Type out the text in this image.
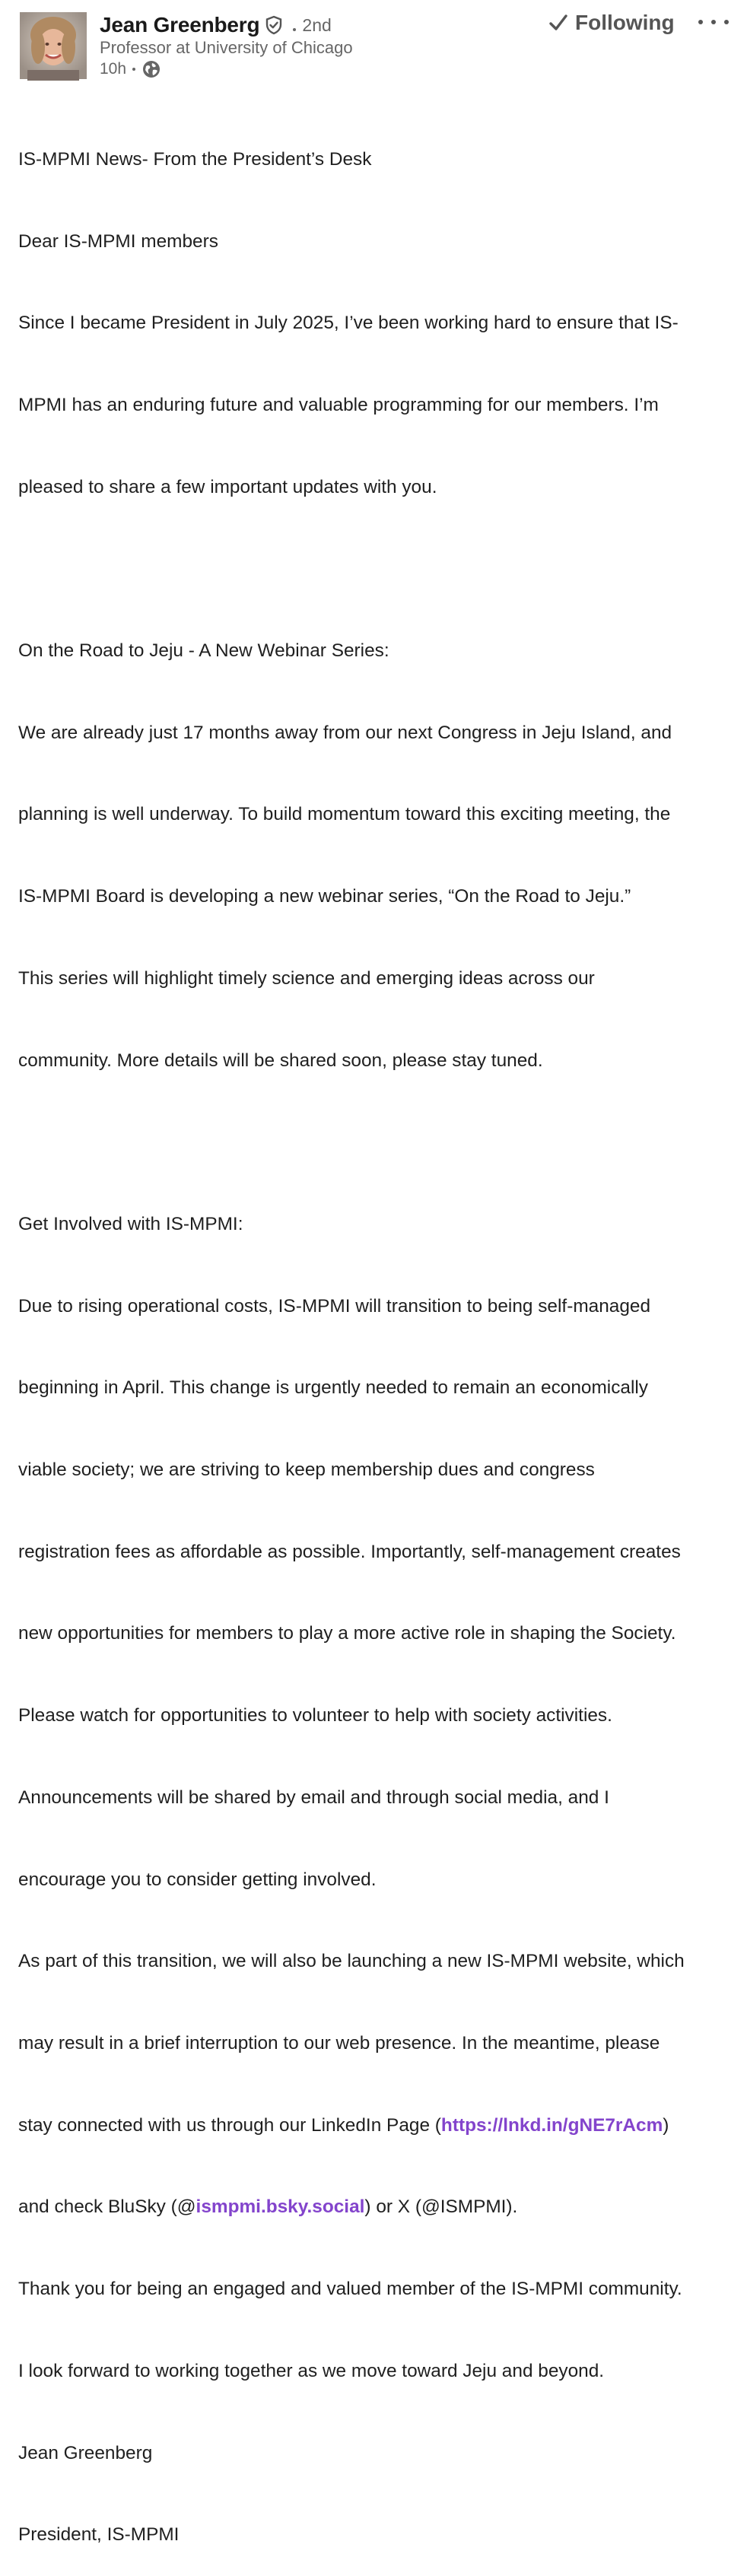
Jean Greenberg	2nd
Professor at University of Chicago
10h
Following

IS-MPMI News- From the President’s Desk

Dear IS-MPMI members

Since I became President in July 2025, I’ve been working hard to ensure that IS-

MPMI has an enduring future and valuable programming for our members. I’m

pleased to share a few important updates with you.

On the Road to Jeju - A New Webinar Series:

We are already just 17 months away from our next Congress in Jeju Island, and

planning is well underway. To build momentum toward this exciting meeting, the

IS-MPMI Board is developing a new webinar series, “On the Road to Jeju.”

This series will highlight timely science and emerging ideas across our

community. More details will be shared soon, please stay tuned.

Get Involved with IS-MPMI:

Due to rising operational costs, IS-MPMI will transition to being self-managed

beginning in April. This change is urgently needed to remain an economically

viable society; we are striving to keep membership dues and congress

registration fees as affordable as possible. Importantly, self-management creates

new opportunities for members to play a more active role in shaping the Society.

Please watch for opportunities to volunteer to help with society activities.

Announcements will be shared by email and through social media, and I

encourage you to consider getting involved.

As part of this transition, we will also be launching a new IS-MPMI website, which

may result in a brief interruption to our web presence. In the meantime, please

stay connected with us through our LinkedIn Page (https://lnkd.in/gNE7rAcm)

and check BluSky (@ismpmi.bsky.social) or X (@ISMPMI).

Thank you for being an engaged and valued member of the IS-MPMI community.

I look forward to working together as we move toward Jeju and beyond.

Jean Greenberg

President, IS-MPMI
